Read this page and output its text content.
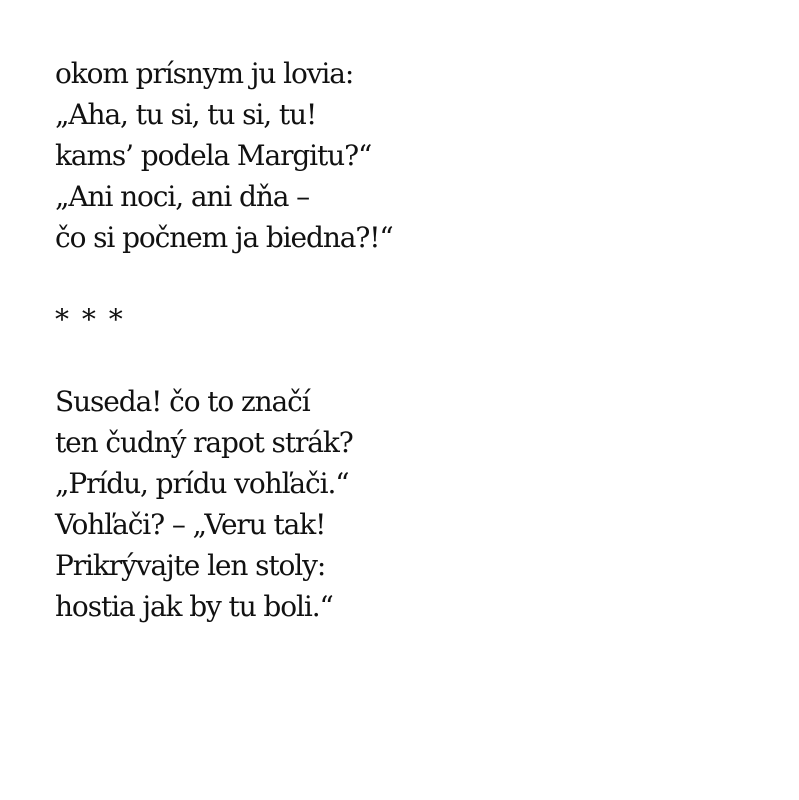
okom prísnym ju lovia:
„Aha, tu si, tu si, tu!
kams’ podela Margitu?“
„Ani noci, ani dňa –
čo si počnem ja biedna?!“
* * *
Suseda! čo to značí
ten čudný rapot strák?
„Prídu, prídu vohľači.“
Vohľači? – „Veru tak!
Prikrývajte len stoly:
hostia jak by tu boli.“
